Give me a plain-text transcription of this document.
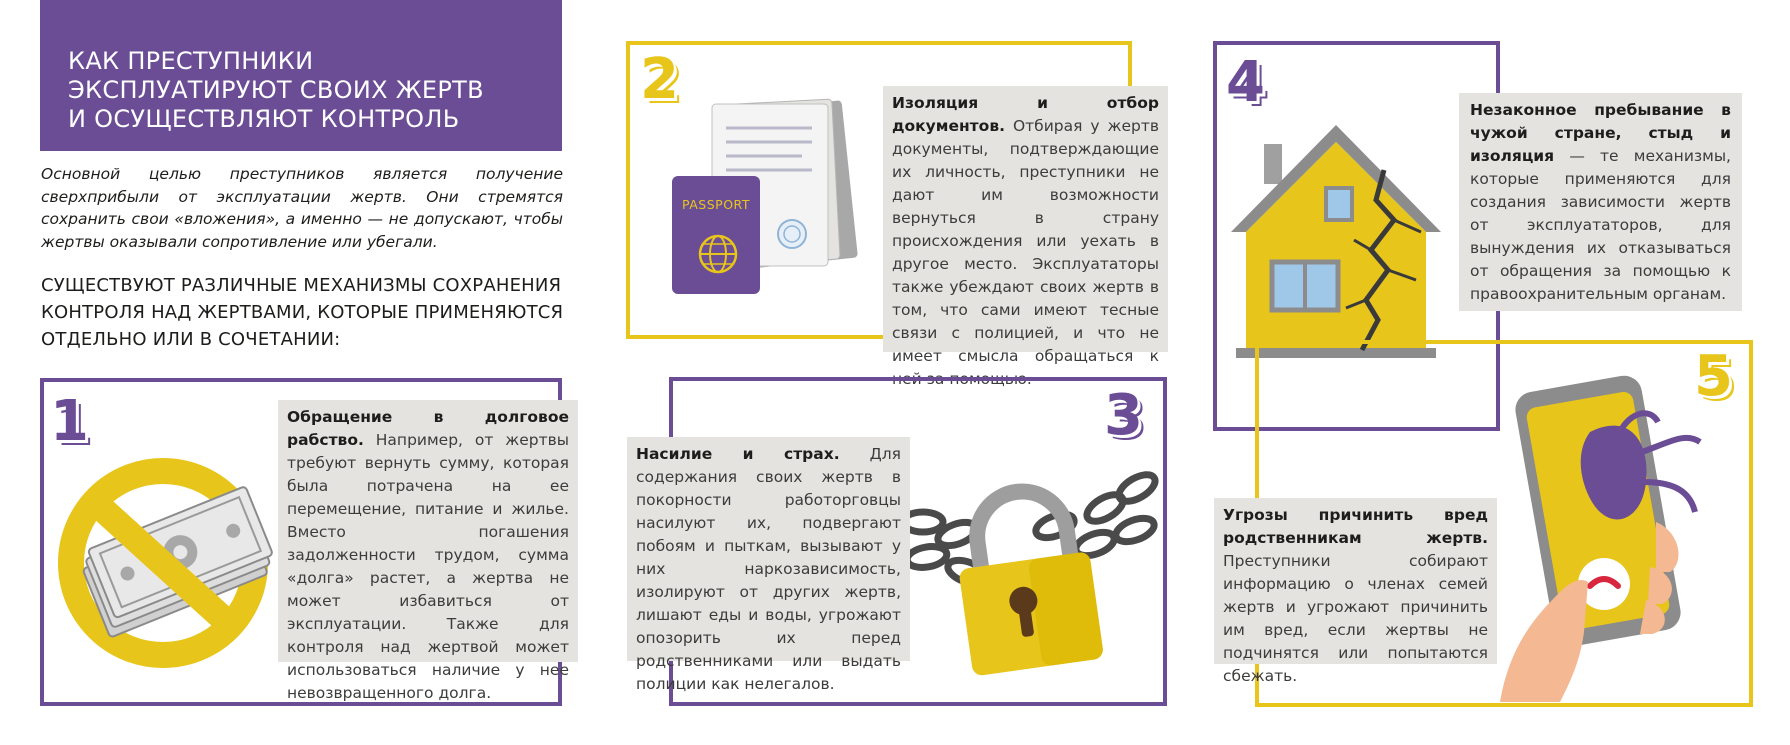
КАК ПРЕСТУПНИКИ
ЭКСПЛУАТИРУЮТ СВОИХ ЖЕРТВ
И ОСУЩЕСТВЛЯЮТ КОНТРОЛЬ

Основной целью преступников является получение сверхприбыли от эксплуатации жертв. Они стремятся сохранить свои «вложения», а именно — не допускают, чтобы жертвы оказывали сопротивление или убегали.

СУЩЕСТВУЮТ РАЗЛИЧНЫЕ МЕХАНИЗМЫ СОХРАНЕНИЯ
КОНТРОЛЯ НАД ЖЕРТВАМИ, КОТОРЫЕ ПРИМЕНЯЮТСЯ
ОТДЕЛЬНО ИЛИ В СОЧЕТАНИИ:
1	Обращение в долговое рабство. Например, от жертвы требуют вернуть сумму, которая была потрачена на ее перемещение, питание и жилье. Вместо погашения задолженности трудом, сумма «долга» растет, а жертва не может избавиться от эксплуатации. Также для контроля над жертвой может использоваться наличие у нее невозвращенного долга.
2
PASSPORT
Изоляция и отбор документов. Отбирая у жертв документы, подтверждающие их личность, преступники не дают им возможности вернуться в страну происхождения или уехать в другое место. Эксплуататоры также убеждают своих жертв в том, что сами имеют тесные связи с полицией, и что не имеет смысла обращаться к ней за помощью.
3
Насилие и страх. Для содержания своих жертв в покорности работорговцы насилуют их, подвергают побоям и пыткам, вызывают у них наркозависимость, изолируют от других жертв, лишают еды и воды, угрожают опозорить их перед родственниками или выдать полиции как нелегалов.
4	Незаконное пребывание в чужой стране, стыд и изоляция — те механизмы, которые применяются для создания зависимости жертв от эксплуататоров, для вынуждения их отказываться от обращения за помощью к правоохранительным органам.
5
Угрозы причинить вред родственникам жертв. Преступники собирают информацию о членах семей жертв и угрожают причинить им вред, если жертвы не подчинятся или попытаются сбежать.
